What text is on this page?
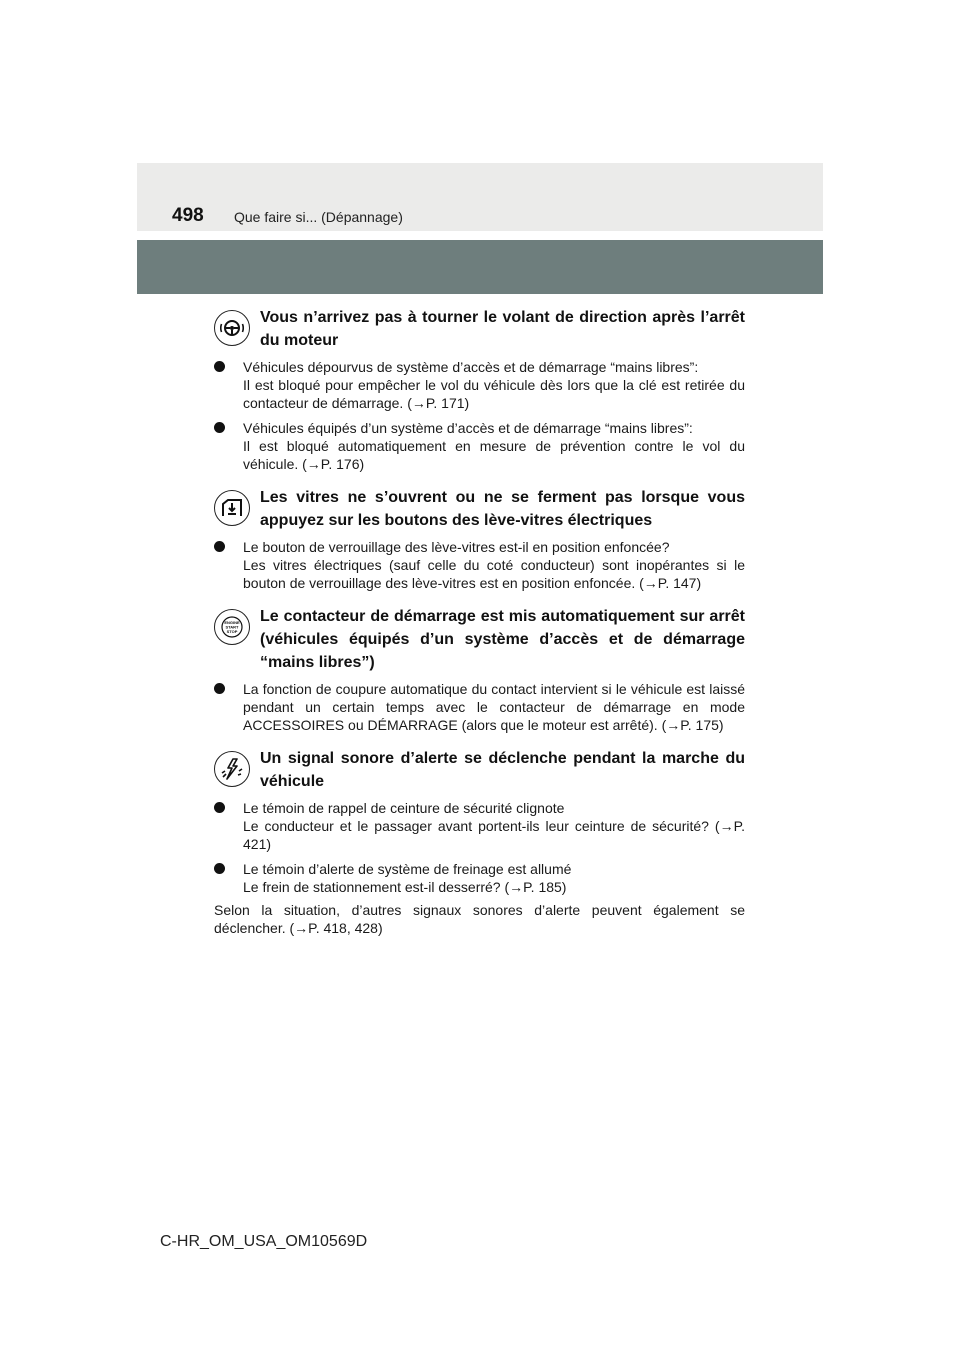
498 Que faire si... (Dépannage)
Vous n’arrivez pas à tourner le volant de direction après l’arrêt du moteur

Véhicules dépourvus de système d’accès et de démarrage “mains libres”:

Il est bloqué pour empêcher le vol du véhicule dès lors que la clé est retirée du contacteur de démarrage. (→P. 171)

Véhicules équipés d’un système d’accès et de démarrage “mains libres”:

Il est bloqué automatiquement en mesure de prévention contre le vol du véhicule. (→P. 176)

Les vitres ne s’ouvrent ou ne se ferment pas lorsque vous appuyez sur les boutons des lève-vitres électriques

Le bouton de verrouillage des lève-vitres est-il en position enfoncée?

Les vitres électriques (sauf celle du coté conducteur) sont inopérantes si le bouton de verrouillage des lève-vitres est en position enfoncée. (→P. 147)

ENGINE
START
STOP
Le contacteur de démarrage est mis automatiquement sur arrêt (véhicules équipés d’un système d’accès et de démarrage “mains libres”)

La fonction de coupure automatique du contact intervient si le véhicule est laissé pendant un certain temps avec le contacteur de démarrage en mode ACCESSOIRES ou DÉMARRAGE (alors que le moteur est arrêté). (→P. 175)

Un signal sonore d’alerte se déclenche pendant la marche du véhicule

Le témoin de rappel de ceinture de sécurité clignote

Le conducteur et le passager avant portent-ils leur ceinture de sécurité? (→P. 421)

Le témoin d’alerte de système de freinage est allumé

Le frein de stationnement est-il desserré? (→P. 185)

Selon la situation, d’autres signaux sonores d’alerte peuvent également se déclencher. (→P. 418, 428)
C-HR_OM_USA_OM10569D
